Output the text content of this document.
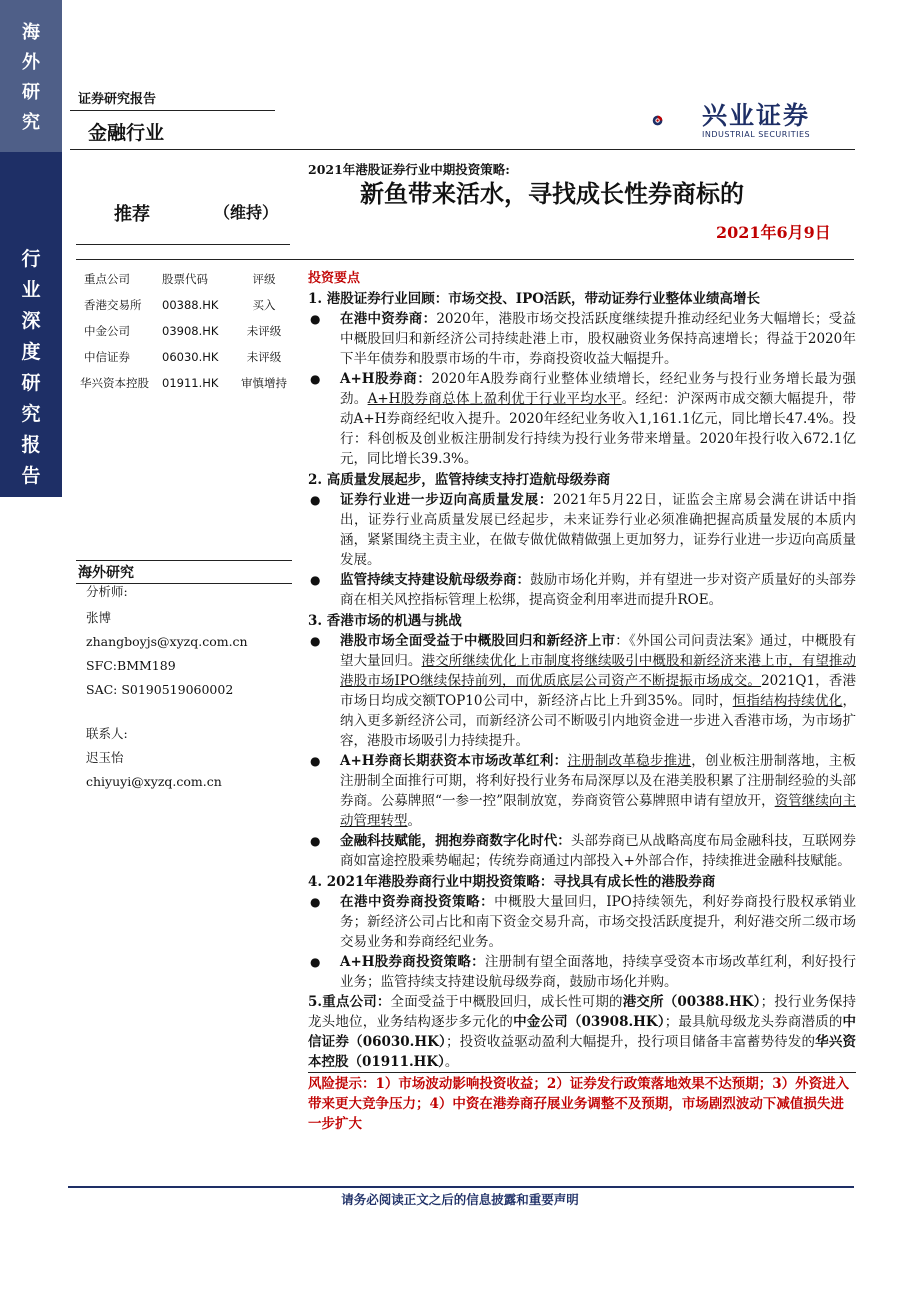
海
外
研
究
行
业
深
度
研
究
报
告
证券研究报告
金融行业
兴业证券
INDUSTRIAL SECURITIES
2021年港股证券行业中期投资策略:
新鱼带来活水，寻找成长性券商标的
推荐	（维持）
2021年6月9日
重点公司	股票代码	评级
香港交易所	00388.HK	买入
中金公司	03908.HK	未评级
中信证券	06030.HK	未评级
华兴资本控股	01911.HK	审慎增持
海外研究
分析师:
张博
zhangboyjs@xyzq.com.cn
SFC:BMM189
SAC: S0190519060002
联系人:
迟玉怡
chiyuyi@xyzq.com.cn
投资要点
1. 港股证券行业回顾：市场交投、IPO活跃，带动证券行业整体业绩高增长
● 在港中资券商：2020年，港股市场交投活跃度继续提升推动经纪业务大幅增长；受益中概股回归和新经济公司持续赴港上市，股权融资业务保持高速增长；得益于2020年下半年债券和股票市场的牛市，券商投资收益大幅提升。
● A+H股券商：2020年A股券商行业整体业绩增长，经纪业务与投行业务增长最为强劲。A+H股券商总体上盈利优于行业平均水平。经纪：沪深两市成交额大幅提升，带动A+H券商经纪收入提升。2020年经纪业务收入1,161.1亿元，同比增长47.4%。投行：科创板及创业板注册制发行持续为投行业务带来增量。2020年投行收入672.1亿元，同比增长39.3%。
2. 高质量发展起步，监管持续支持打造航母级券商
● 证券行业进一步迈向高质量发展：2021年5月22日，证监会主席易会满在讲话中指出，证券行业高质量发展已经起步，未来证券行业必须准确把握高质量发展的本质内涵，紧紧围绕主责主业，在做专做优做精做强上更加努力，证券行业进一步迈向高质量发展。
● 监管持续支持建设航母级券商：鼓励市场化并购，并有望进一步对资产质量好的头部券商在相关风控指标管理上松绑，提高资金利用率进而提升ROE。
3. 香港市场的机遇与挑战
● 港股市场全面受益于中概股回归和新经济上市：《外国公司问责法案》通过，中概股有望大量回归。港交所继续优化上市制度将继续吸引中概股和新经济来港上市，有望推动港股市场IPO继续保持前列，而优质底层公司资产不断提振市场成交。2021Q1，香港市场日均成交额TOP10公司中，新经济占比上升到35%。同时，恒指结构持续优化，纳入更多新经济公司，而新经济公司不断吸引内地资金进一步进入香港市场，为市场扩容，港股市场吸引力持续提升。
● A+H券商长期获资本市场改革红利：注册制改革稳步推进，创业板注册制落地，主板注册制全面推行可期，将利好投行业务布局深厚以及在港美股积累了注册制经验的头部券商。公募牌照“一参一控”限制放宽，券商资管公募牌照申请有望放开，资管继续向主动管理转型。
● 金融科技赋能，拥抱券商数字化时代：头部券商已从战略高度布局金融科技，互联网券商如富途控股乘势崛起；传统券商通过内部投入+外部合作，持续推进金融科技赋能。
4. 2021年港股券商行业中期投资策略：寻找具有成长性的港股券商
● 在港中资券商投资策略：中概股大量回归，IPO持续领先，利好券商投行股权承销业务；新经济公司占比和南下资金交易升高，市场交投活跃度提升，利好港交所二级市场交易业务和券商经纪业务。
● A+H股券商投资策略：注册制有望全面落地，持续享受资本市场改革红利，利好投行业务；监管持续支持建设航母级券商，鼓励市场化并购。
5.重点公司：全面受益于中概股回归，成长性可期的港交所（00388.HK）；投行业务保持龙头地位，业务结构逐步多元化的中金公司（03908.HK）；最具航母级龙头券商潜质的中信证券（06030.HK）；投资收益驱动盈利大幅提升，投行项目储备丰富蓄势待发的华兴资本控股（01911.HK）。
风险提示：1）市场波动影响投资收益；2）证券发行政策落地效果不达预期；3）外资进入带来更大竞争压力；4）中资在港券商孖展业务调整不及预期，市场剧烈波动下减值损失进一步扩大
请务必阅读正文之后的信息披露和重要声明
